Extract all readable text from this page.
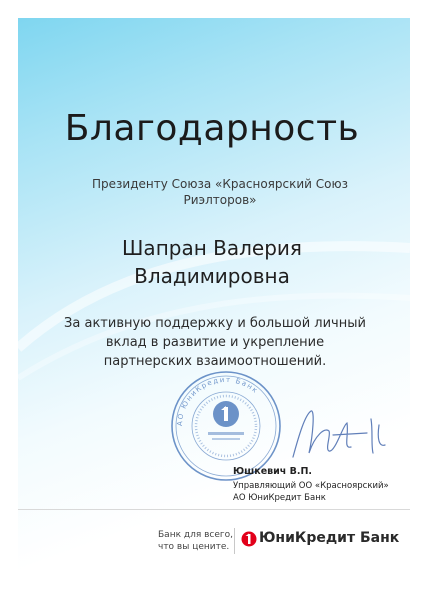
Благодарность
Президенту Союза «Красноярский Союз
Риэлторов»
Шапран Валерия
Владимировна
За активную поддержку и большой личный
вклад в развитие и укрепление
партнерских взаимоотношений.
АО ЮниКредит Банк
Юшкевич В.П.
Управляющий ОО «Красноярский»
АО ЮниКредит Банк
Банк для всего,
что вы цените.
ЮниКредит Банк
